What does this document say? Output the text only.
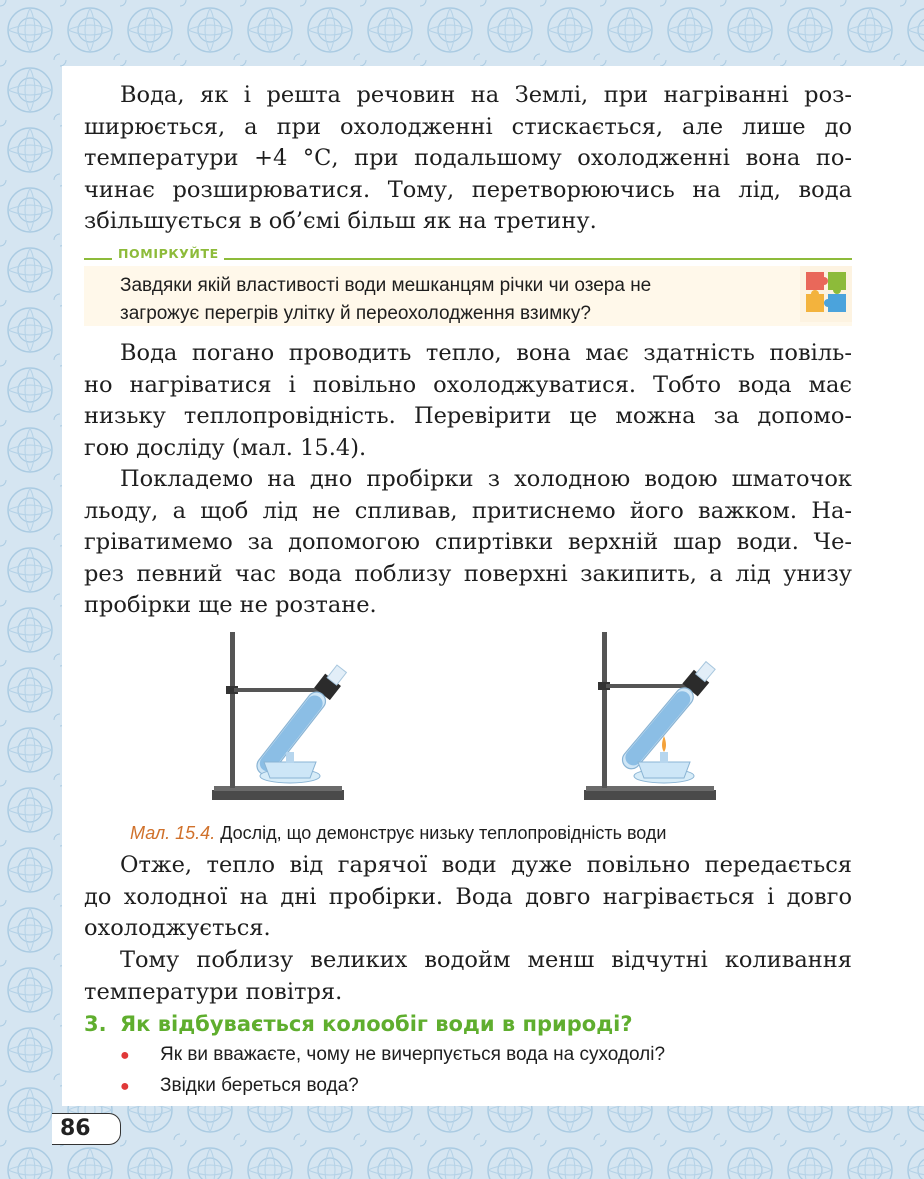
Вода, як і решта речовин на Землі, при нагріванні роз-
ширюється, а при охолодженні стискається, але лише до
температури +4 °С, при подальшому охолодженні вона по-
чинає розширюватися. Тому, перетворюючись на лід, вода
збільшується в об’ємі більш як на третину.

ПОМІРКУЙТЕ
Завдяки якій властивості води мешканцям річки чи озера не
загрожує перегрів улітку й переохолодження взимку?

Вода погано проводить тепло, вона має здатність повіль-
но нагріватися і повільно охолоджуватися. Тобто вода має
низьку теплопровідність. Перевірити це можна за допомо-
гою досліду (мал. 15.4).

Покладемо на дно пробірки з холодною водою шматочок
льоду, а щоб лід не спливав, притиснемо його важком. На-
гріватимемо за допомогою спиртівки верхній шар води. Че-
рез певний час вода поблизу поверхні закипить, а лід унизу
пробірки ще не розтане.

Мал. 15.4. Дослід, що демонструє низьку теплопровідність води

Отже, тепло від гарячої води дуже повільно передається
до холодної на дні пробірки. Вода довго нагрівається і довго
охолоджується.

Тому поблизу великих водойм менш відчутні коливання
температури повітря.

3. Як відбувається колообіг води в природі?
● Як ви вважаєте, чому не вичерпується вода на суходолі?
● Звідки береться вода?
86
